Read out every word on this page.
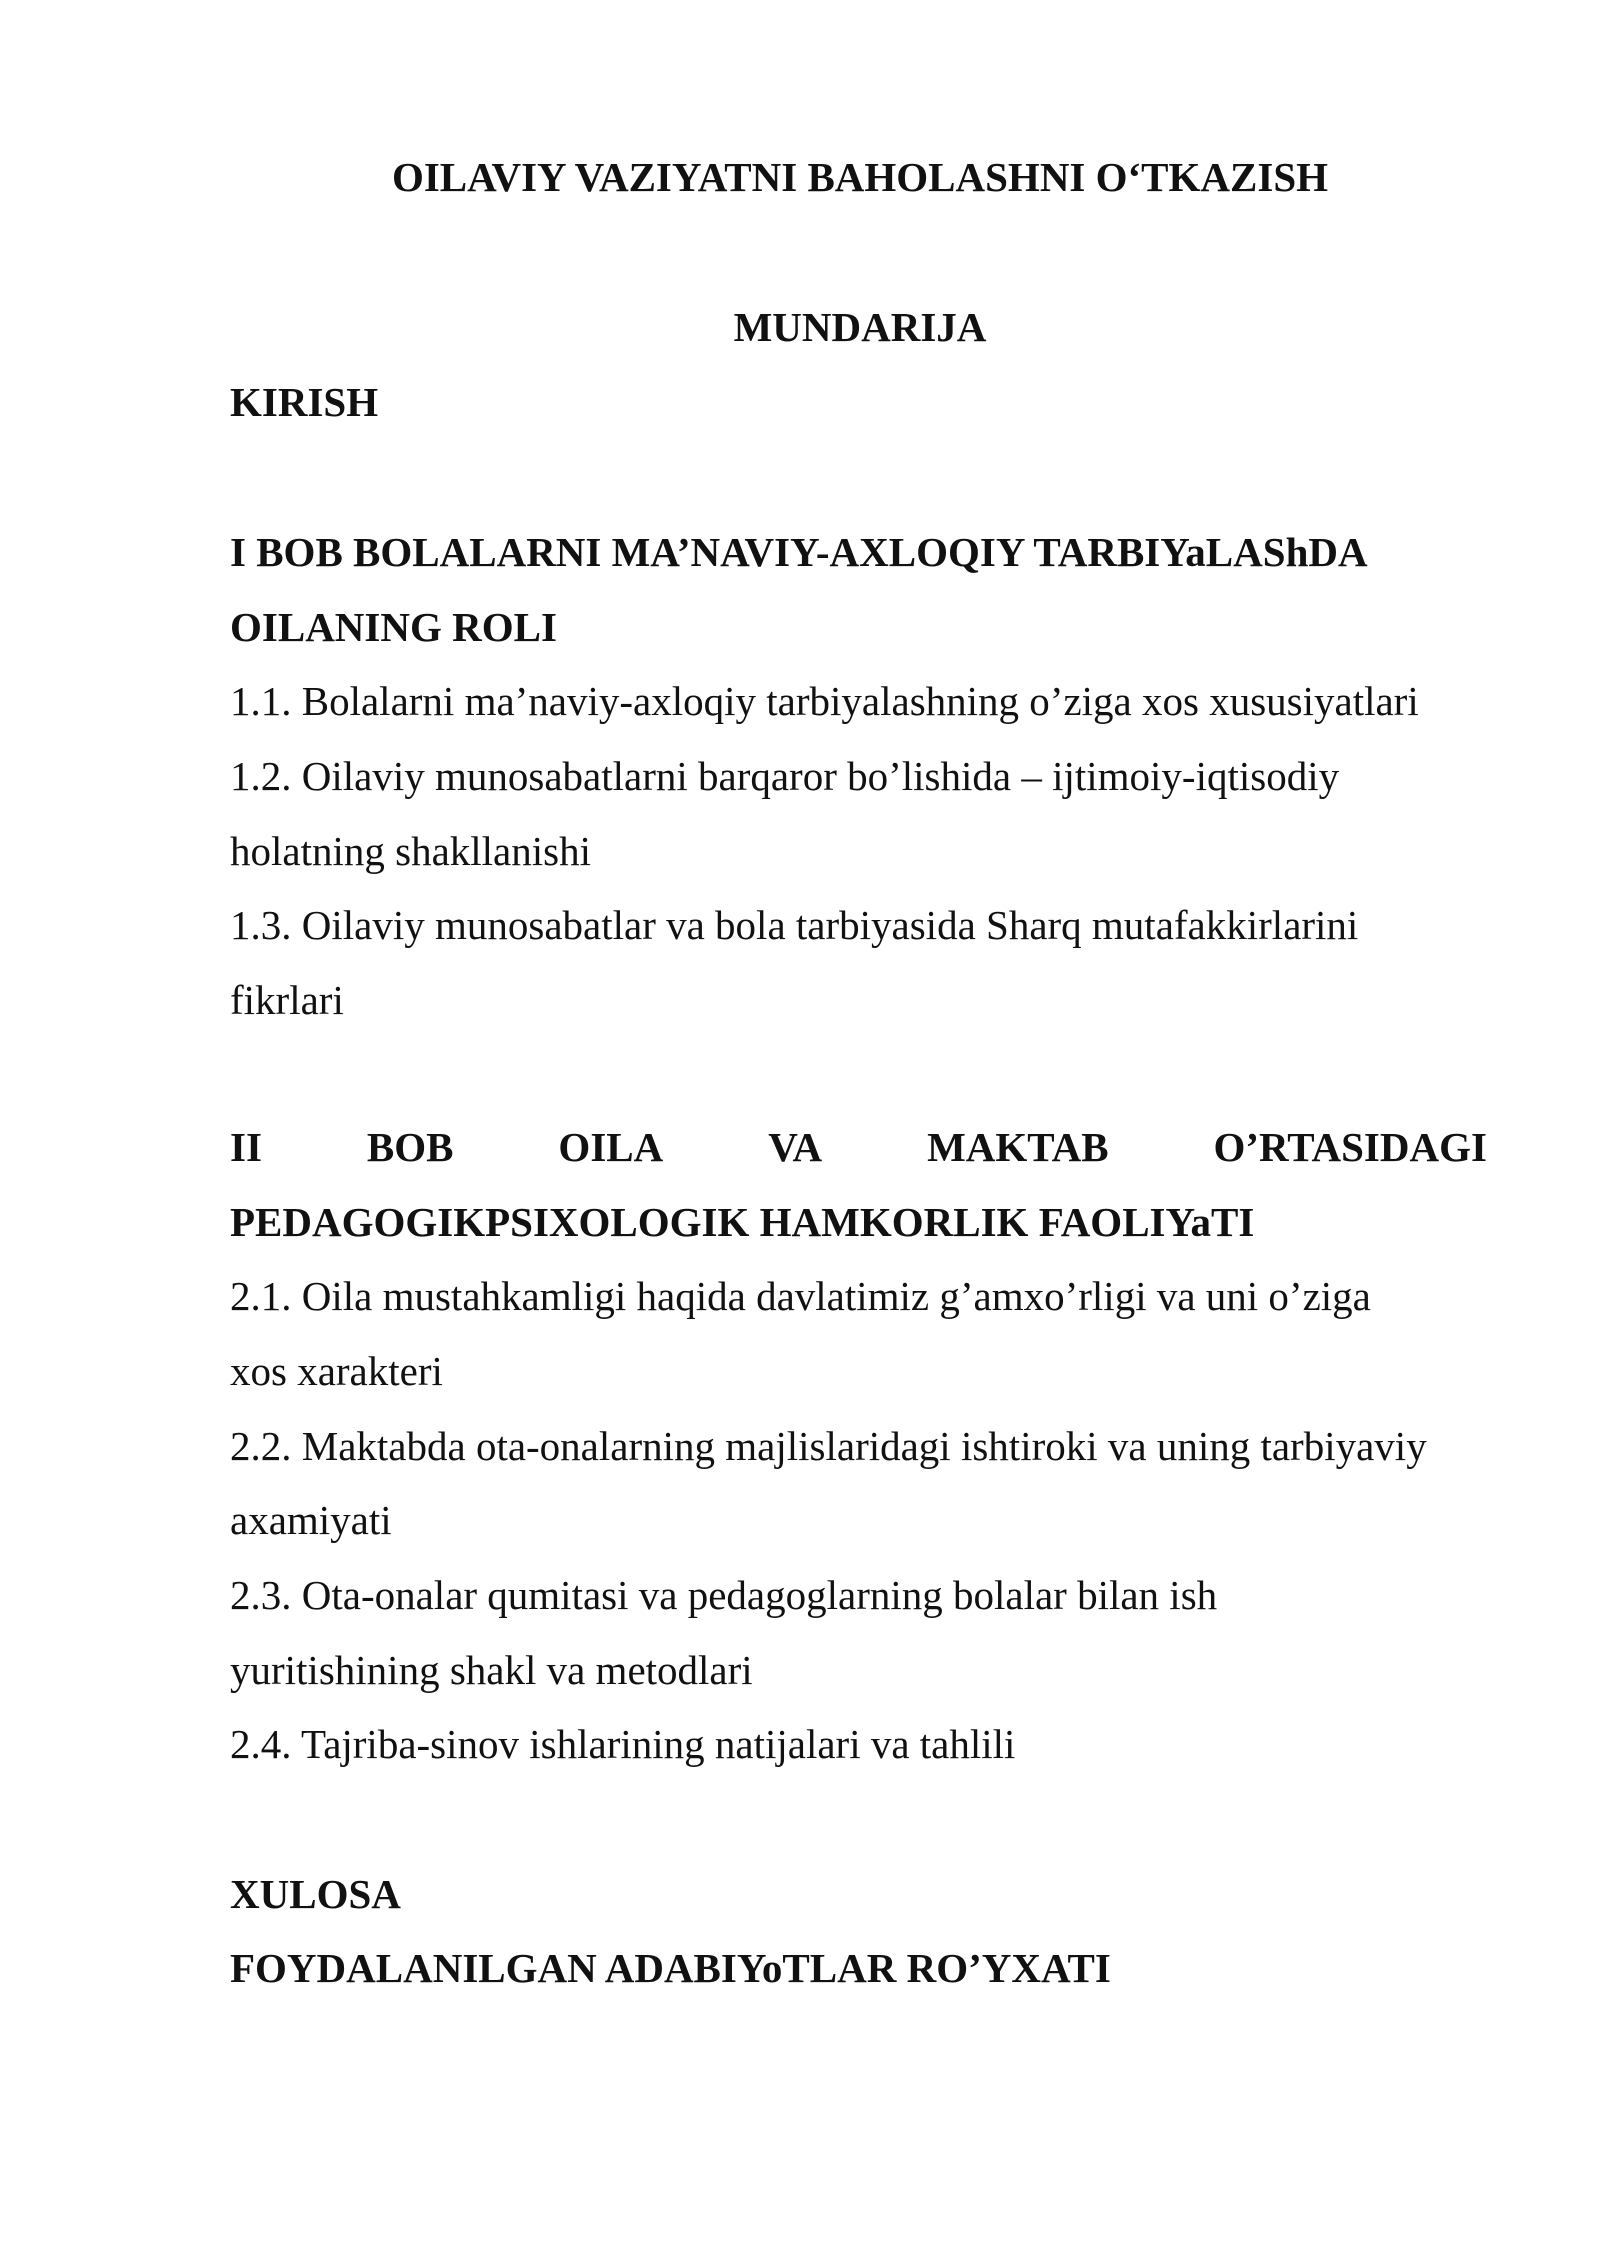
OILAVIY VAZIYATNI BAHOLASHNI O‘TKAZISH
MUNDARIJA
KIRISH
I BOB BOLALARNI MA’NAVIY-AXLOQIY TARBIYaLAShDA
OILANING ROLI
1.1. Bolalarni ma’naviy-axloqiy tarbiyalashning o’ziga xos xususiyatlari
1.2. Oilaviy munosabatlarni barqaror bo’lishida – ijtimoiy-iqtisodiy
holatning shakllanishi
1.3. Oilaviy munosabatlar va bola tarbiyasida Sharq mutafakkirlarini
fikrlari
II	BOB	OILA	VA	MAKTAB	O’RTASIDAGI
PEDAGOGIKPSIXOLOGIK HAMKORLIK FAOLIYaTI
2.1. Oila mustahkamligi haqida davlatimiz g’amxo’rligi va uni o’ziga
xos xarakteri
2.2. Maktabda ota-onalarning majlislaridagi ishtiroki va uning tarbiyaviy
axamiyati
2.3. Ota-onalar qumitasi va pedagoglarning bolalar bilan ish
yuritishining shakl va metodlari
2.4. Tajriba-sinov ishlarining natijalari va tahlili
XULOSA
FOYDALANILGAN ADABIYoTLAR RO’YXATI
